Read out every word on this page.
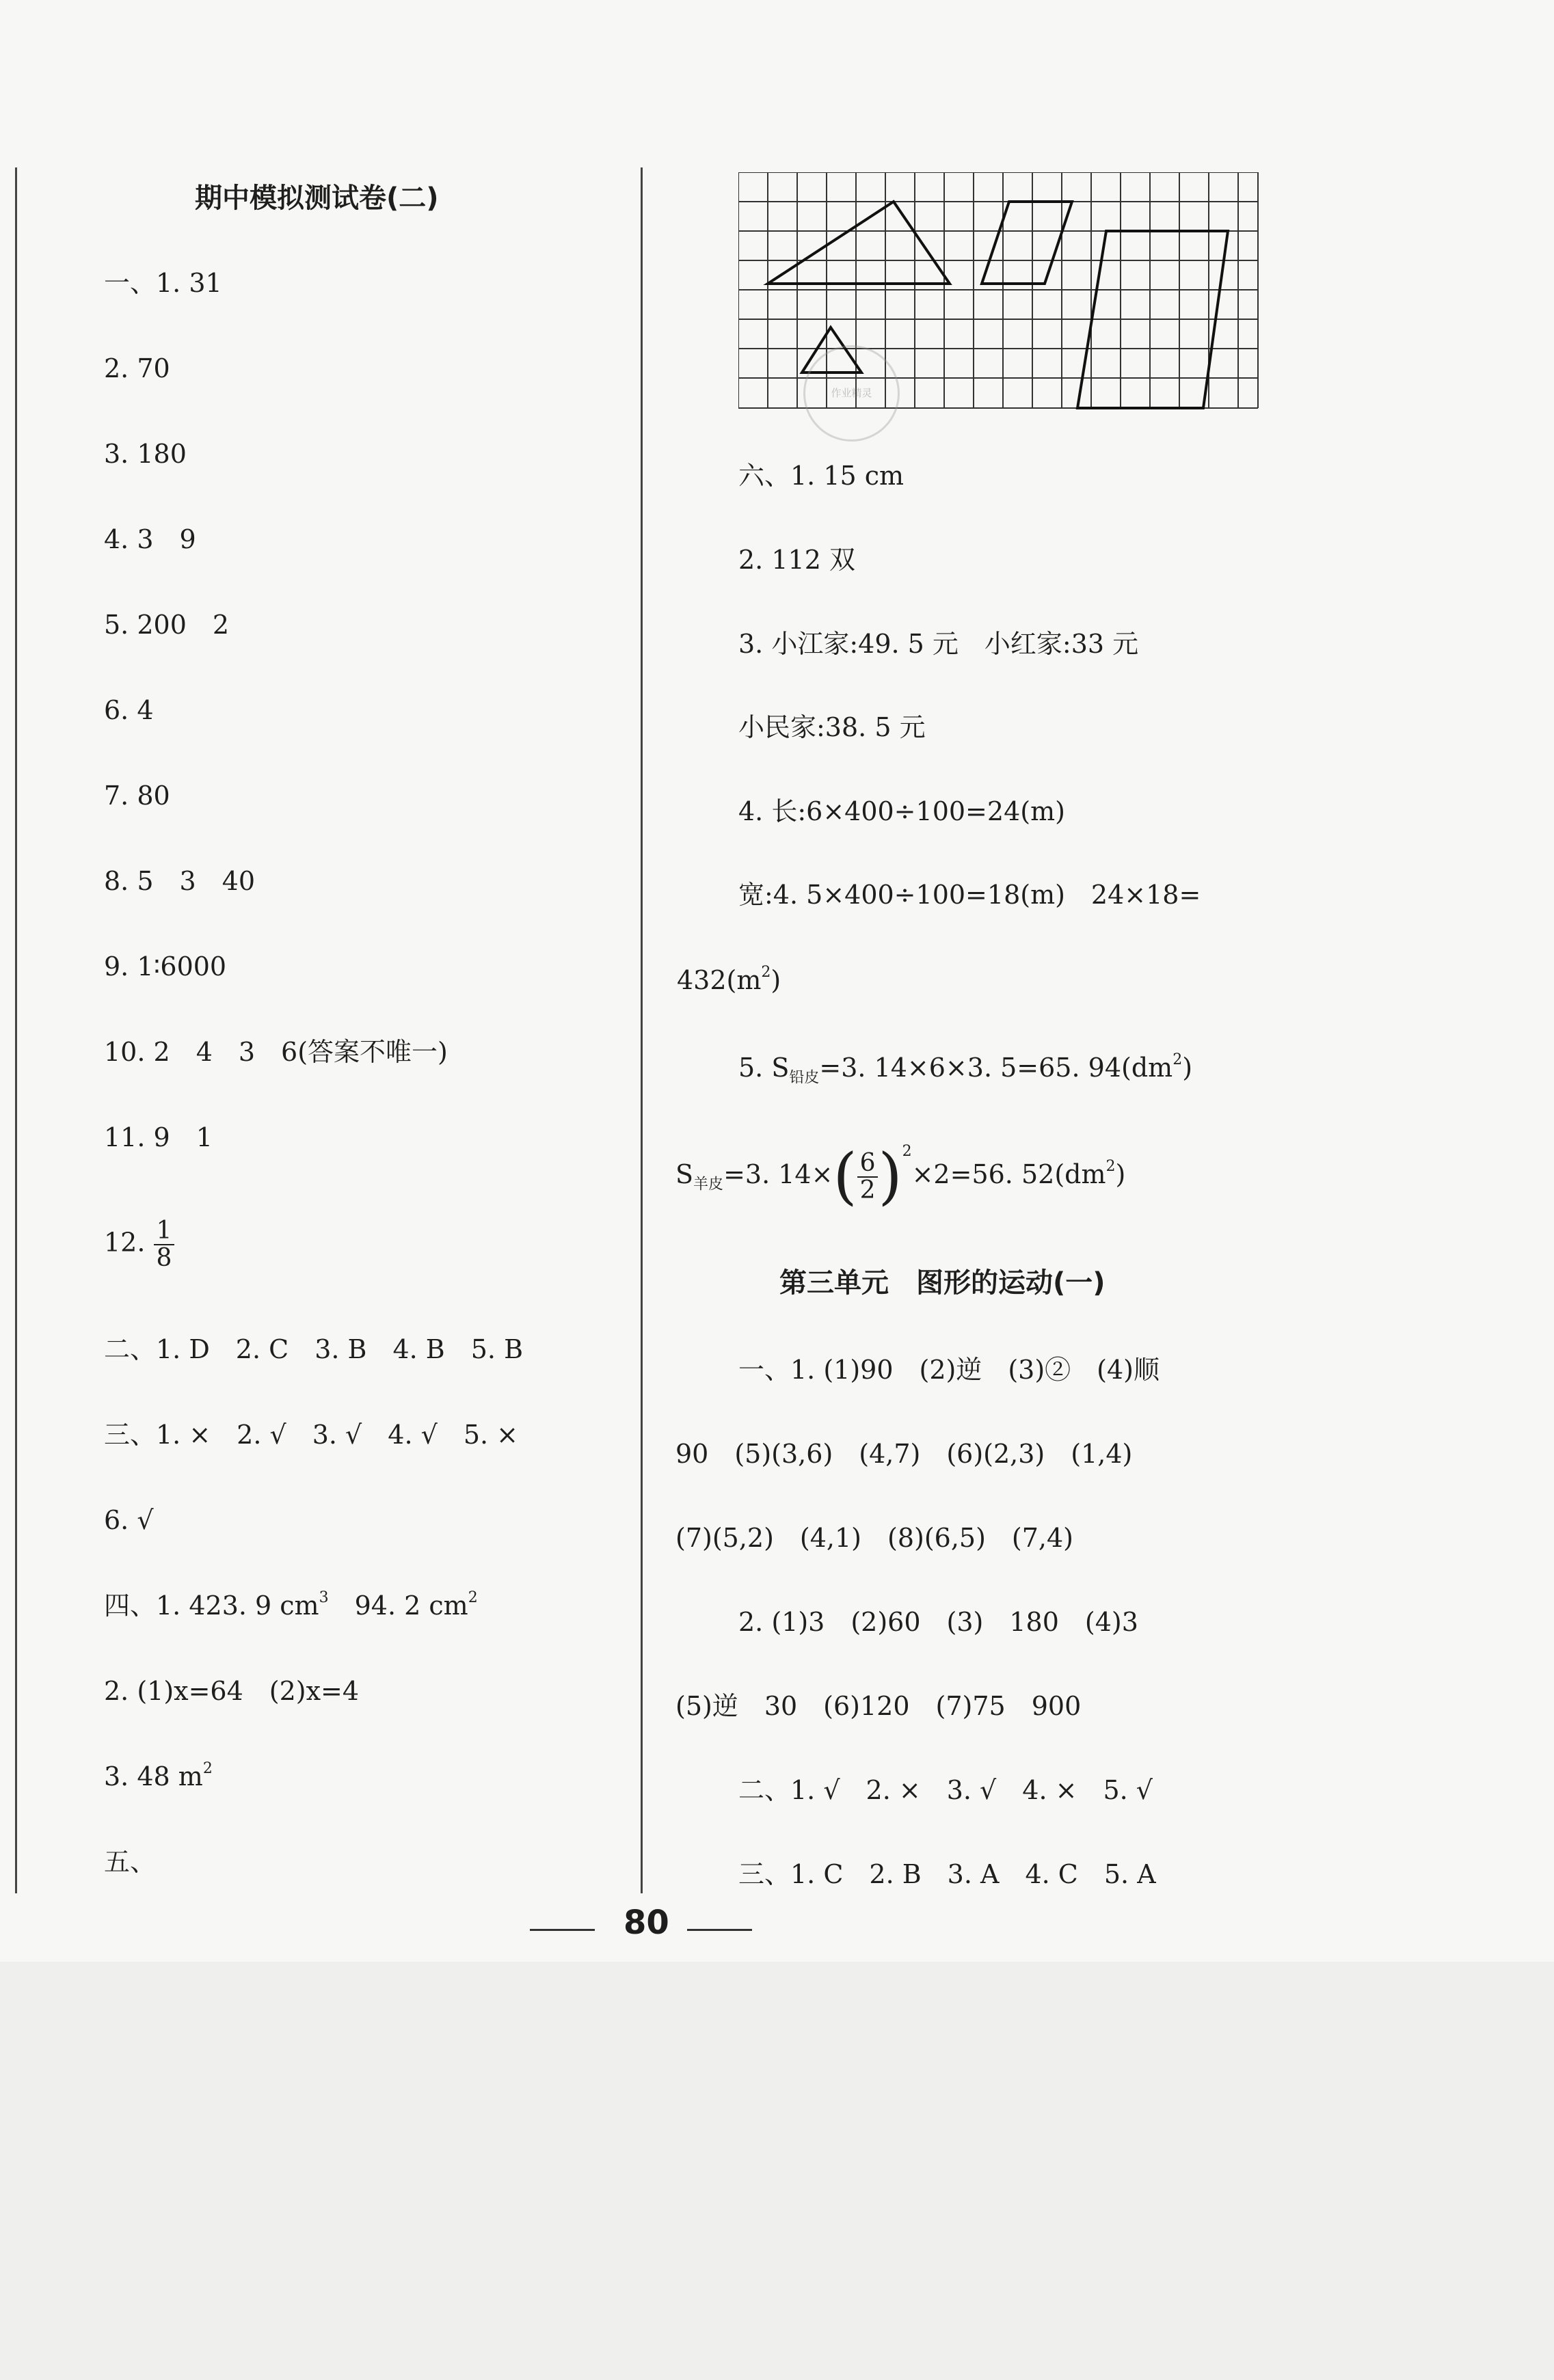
期中模拟测试卷(二)
一、1. 31
2. 70
3. 180
4. 3　9
5. 200　2
6. 4
7. 80
8. 5　3　40
9. 1∶6000
10. 2　4　3　6(答案不唯一)
11. 9　1
12. $\frac{1}{8}$
二、1. D　2. C　3. B　4. B　5. B
三、1. ×　2. √　3. √　4. √　5. ×
6. √
四、1. 423. 9 $cm^3$　94. 2 $cm^2$
2. (1)x=64　(2)x=4
3. 48 $m^2$
五、
作业精灵
六、1. 15 cm
2. 112 双
3. 小江家:49. 5 元　小红家:33 元
小民家:38. 5 元
4. 长:6×400÷100=24(m)
宽:4. 5×400÷100=18(m)　24×18=
$432(m^2)$
5. $S_{铅皮}=3$. 14×6×3. 5=65. $94(dm^2)$
$S_{羊皮}=3$. $14\times( \frac{6}{2} )^2\times 2=56$. $52(dm^2)$
第三单元　图形的运动(一)
一、1. (1)90　(2)逆　(3)②　(4)顺
90　(5)(3,6)　(4,7)　(6)(2,3)　(1,4)
(7)(5,2)　(4,1)　(8)(6,5)　(7,4)
2. (1)3　(2)60　(3)　180　(4)3
(5)逆　30　(6)120　(7)75　900
二、1. √　2. ×　3. √　4. ×　5. √
三、1. C　2. B　3. A　4. C　5. A
80
